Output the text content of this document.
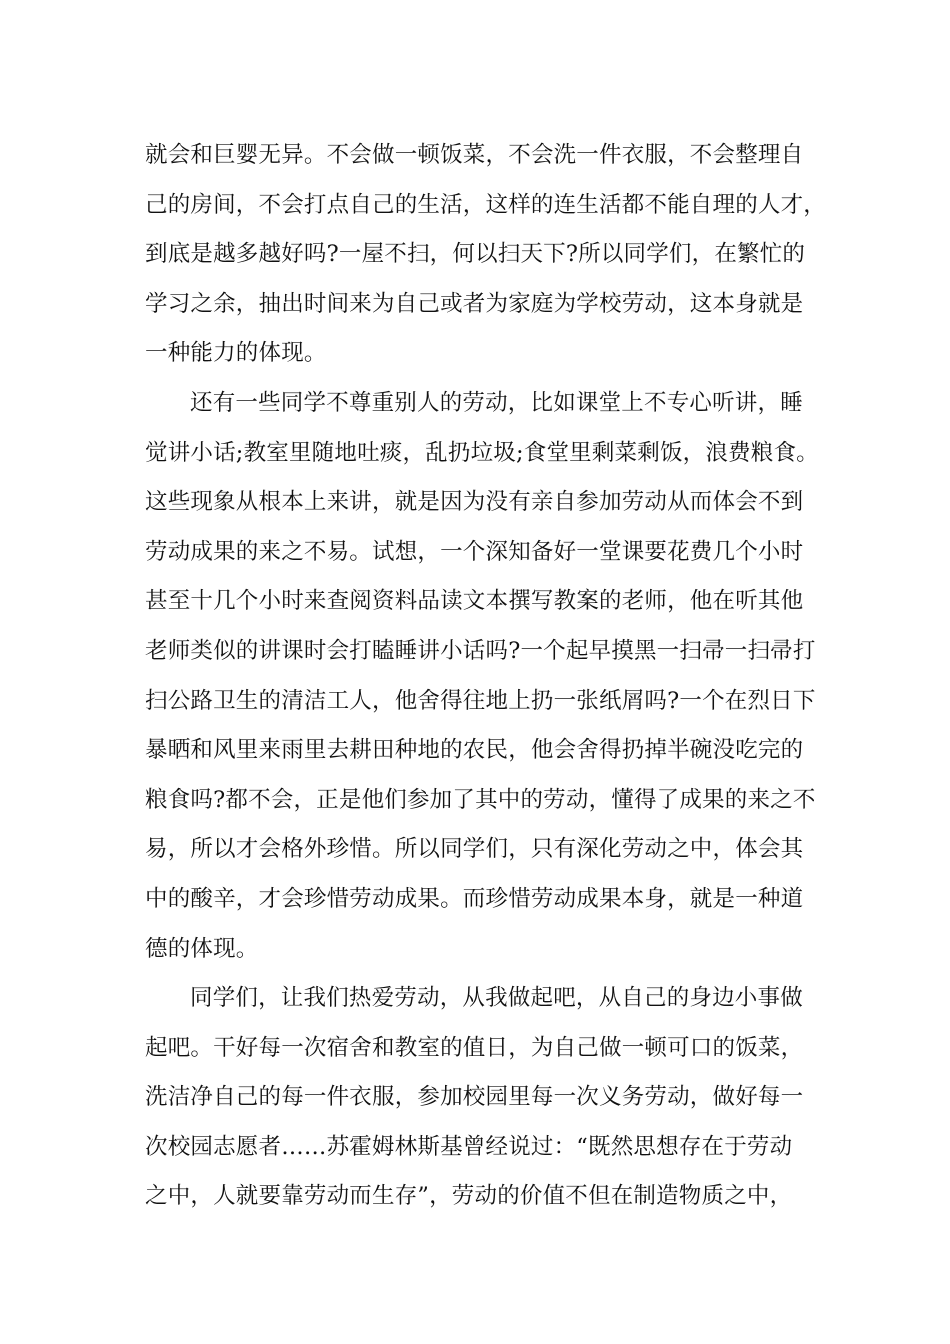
就会和巨婴无异。不会做一顿饭菜，不会洗一件衣服，不会整理自
己的房间，不会打点自己的生活，这样的连生活都不能自理的人才，
到底是越多越好吗?一屋不扫，何以扫天下?所以同学们，在繁忙的
学习之余，抽出时间来为自己或者为家庭为学校劳动，这本身就是
一种能力的体现。
还有一些同学不尊重别人的劳动，比如课堂上不专心听讲，睡
觉讲小话;教室里随地吐痰，乱扔垃圾;食堂里剩菜剩饭，浪费粮食。
这些现象从根本上来讲，就是因为没有亲自参加劳动从而体会不到
劳动成果的来之不易。试想，一个深知备好一堂课要花费几个小时
甚至十几个小时来查阅资料品读文本撰写教案的老师，他在听其他
老师类似的讲课时会打瞌睡讲小话吗?一个起早摸黑一扫帚一扫帚打
扫公路卫生的清洁工人，他舍得往地上扔一张纸屑吗?一个在烈日下
暴晒和风里来雨里去耕田种地的农民，他会舍得扔掉半碗没吃完的
粮食吗?都不会，正是他们参加了其中的劳动，懂得了成果的来之不
易，所以才会格外珍惜。所以同学们，只有深化劳动之中，体会其
中的酸辛，才会珍惜劳动成果。而珍惜劳动成果本身，就是一种道
德的体现。
同学们，让我们热爱劳动，从我做起吧，从自己的身边小事做
起吧。干好每一次宿舍和教室的值日，为自己做一顿可口的饭菜，
洗洁净自己的每一件衣服，参加校园里每一次义务劳动，做好每一
次校园志愿者……苏霍姆林斯基曾经说过：“既然思想存在于劳动
之中，人就要靠劳动而生存”，劳动的价值不但在制造物质之中，
